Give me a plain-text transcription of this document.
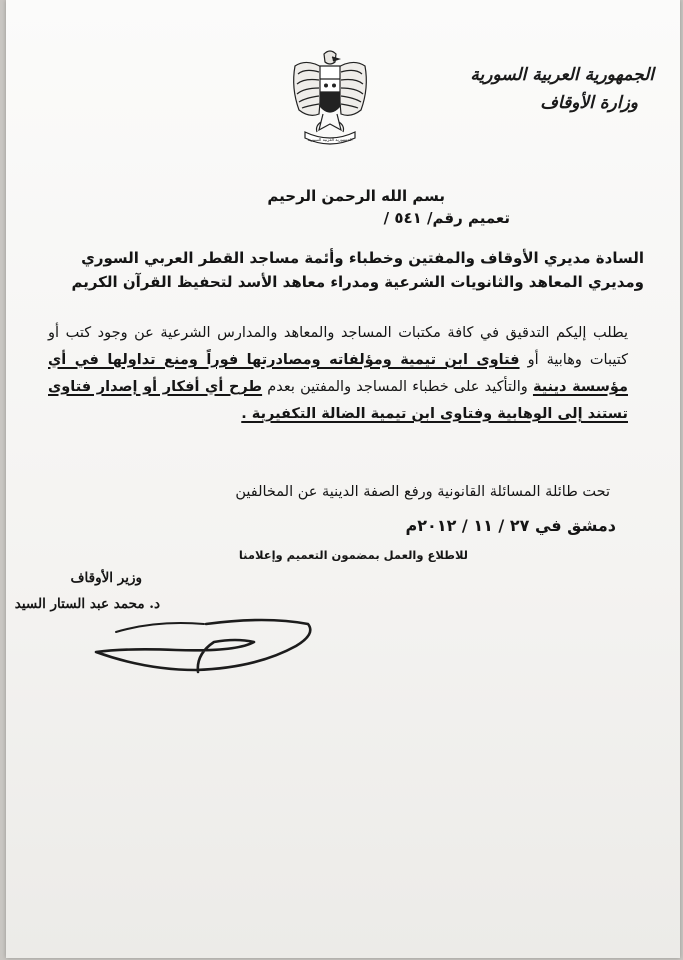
الجمهورية العربية السورية
وزارة الأوقاف
الجمهورية العربية السورية
بسم الله الرحمن الرحيم
تعميم رقم/ ٥٤١ /
السادة مديري الأوقاف والمفتين وخطباء وأئمة مساجد القطر العربي السوري
ومديري المعاهد والثانويات الشرعية ومدراء معاهد الأسد لتحفيظ القرآن الكريم
يطلب إليكم التدقيق في كافة مكتبات المساجد والمعاهد والمدارس الشرعية عن وجود كتب أو كتيبات وهابية أو فتاوى ابن تيمية ومؤلفاته ومصادرتها فوراً ومنع تداولها في أي مؤسسة دينية والتأكيد على خطباء المساجد والمفتين بعدم طرح أي أفكار أو إصدار فتاوى تستند إلى الوهابية وفتاوى ابن تيمية الضالة التكفيرية .
تحت طائلة المسائلة القانونية ورفع الصفة الدينية عن المخالفين
دمشق في ٢٧ / ١١ / ٢٠١٢م
للاطلاع والعمل بمضمون التعميم وإعلامنا
وزير الأوقاف
د. محمد عبد الستار السيد
